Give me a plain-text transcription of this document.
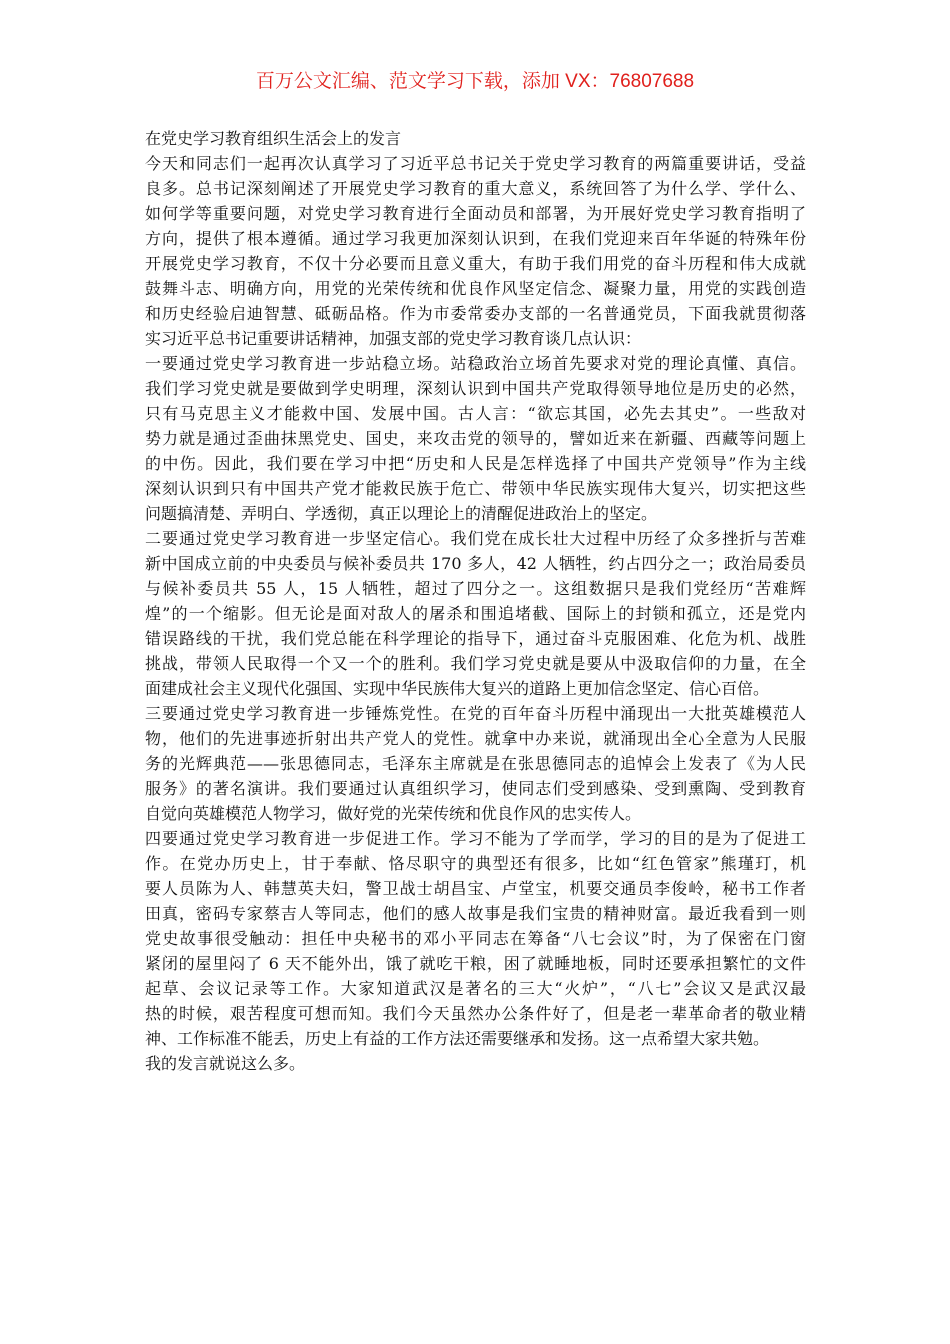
百万公文汇编、范文学习下载，添加 VX：76807688
在党史学习教育组织生活会上的发言
今天和同志们一起再次认真学习了习近平总书记关于党史学习教育的两篇重要讲话，受益
良多。总书记深刻阐述了开展党史学习教育的重大意义，系统回答了为什么学、学什么、
如何学等重要问题，对党史学习教育进行全面动员和部署，为开展好党史学习教育指明了
方向，提供了根本遵循。通过学习我更加深刻认识到，在我们党迎来百年华诞的特殊年份
开展党史学习教育，不仅十分必要而且意义重大，有助于我们用党的奋斗历程和伟大成就
鼓舞斗志、明确方向，用党的光荣传统和优良作风坚定信念、凝聚力量，用党的实践创造
和历史经验启迪智慧、砥砺品格。作为市委常委办支部的一名普通党员，下面我就贯彻落
实习近平总书记重要讲话精神，加强支部的党史学习教育谈几点认识：
一要通过党史学习教育进一步站稳立场。站稳政治立场首先要求对党的理论真懂、真信。
我们学习党史就是要做到学史明理，深刻认识到中国共产党取得领导地位是历史的必然，
只有马克思主义才能救中国、发展中国。古人言：“欲忘其国，必先去其史”。一些敌对
势力就是通过歪曲抹黑党史、国史，来攻击党的领导的，譬如近来在新疆、西藏等问题上
的中伤。因此，我们要在学习中把“历史和人民是怎样选择了中国共产党领导”作为主线
深刻认识到只有中国共产党才能救民族于危亡、带领中华民族实现伟大复兴，切实把这些
问题搞清楚、弄明白、学透彻，真正以理论上的清醒促进政治上的坚定。
二要通过党史学习教育进一步坚定信心。我们党在成长壮大过程中历经了众多挫折与苦难
新中国成立前的中央委员与候补委员共 170 多人，42 人牺牲，约占四分之一；政治局委员
与候补委员共 55 人，15 人牺牲，超过了四分之一。这组数据只是我们党经历“苦难辉
煌”的一个缩影。但无论是面对敌人的屠杀和围追堵截、国际上的封锁和孤立，还是党内
错误路线的干扰，我们党总能在科学理论的指导下，通过奋斗克服困难、化危为机、战胜
挑战，带领人民取得一个又一个的胜利。我们学习党史就是要从中汲取信仰的力量，在全
面建成社会主义现代化强国、实现中华民族伟大复兴的道路上更加信念坚定、信心百倍。
三要通过党史学习教育进一步锤炼党性。在党的百年奋斗历程中涌现出一大批英雄模范人
物，他们的先进事迹折射出共产党人的党性。就拿中办来说，就涌现出全心全意为人民服
务的光辉典范——张思德同志，毛泽东主席就是在张思德同志的追悼会上发表了《为人民
服务》的著名演讲。我们要通过认真组织学习，使同志们受到感染、受到熏陶、受到教育
自觉向英雄模范人物学习，做好党的光荣传统和优良作风的忠实传人。
四要通过党史学习教育进一步促进工作。学习不能为了学而学，学习的目的是为了促进工
作。在党办历史上，甘于奉献、恪尽职守的典型还有很多，比如“红色管家”熊瑾玎，机
要人员陈为人、韩慧英夫妇，警卫战士胡昌宝、卢堂宝，机要交通员李俊岭，秘书工作者
田真，密码专家蔡吉人等同志，他们的感人故事是我们宝贵的精神财富。最近我看到一则
党史故事很受触动：担任中央秘书的邓小平同志在筹备“八七会议”时，为了保密在门窗
紧闭的屋里闷了 6 天不能外出，饿了就吃干粮，困了就睡地板，同时还要承担繁忙的文件
起草、会议记录等工作。大家知道武汉是著名的三大“火炉”，“八七”会议又是武汉最
热的时候，艰苦程度可想而知。我们今天虽然办公条件好了，但是老一辈革命者的敬业精
神、工作标准不能丢，历史上有益的工作方法还需要继承和发扬。这一点希望大家共勉。
我的发言就说这么多。
